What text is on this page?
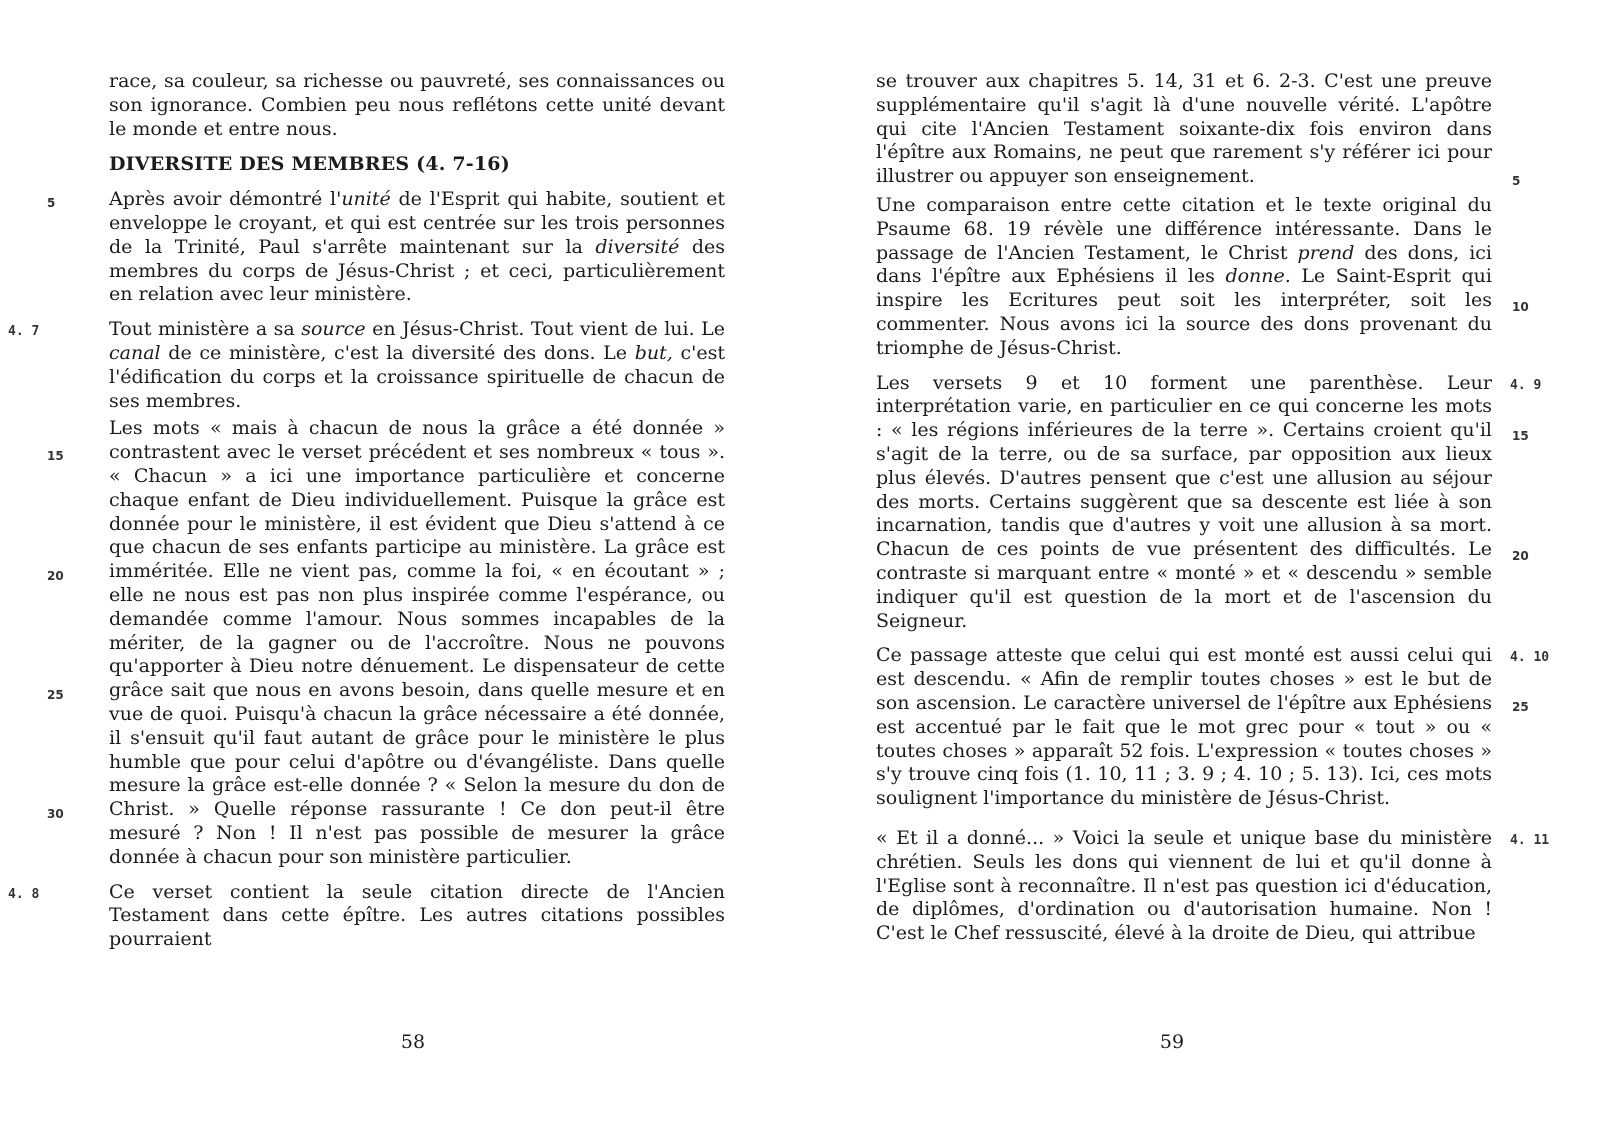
race, sa couleur, sa richesse ou pauvreté, ses connaissances ou son ignorance. Combien peu nous reflétons cette unité devant le monde et entre nous.

DIVERSITE DES MEMBRES (4. 7-16)

5	Après avoir démontré l'unité de l'Esprit qui habite, soutient et enveloppe le croyant, et qui est centrée sur les trois personnes de la Trinité, Paul s'arrête maintenant sur la diversité des membres du corps de Jésus-Christ ; et ceci, particulièrement en relation avec leur ministère.

4. 7	Tout ministère a sa source en Jésus-Christ. Tout vient de lui. Le canal de ce ministère, c'est la diversité des dons. Le but, c'est l'édification du corps et la croissance spirituelle de chacun de ses membres.

15
20
25
30
Les mots « mais à chacun de nous la grâce a été donnée » contrastent avec le verset précédent et ses nombreux « tous ». « Chacun » a ici une importance particulière et concerne chaque enfant de Dieu individuellement. Puisque la grâce est donnée pour le ministère, il est évident que Dieu s'attend à ce que chacun de ses enfants participe au ministère. La grâce est imméritée. Elle ne vient pas, comme la foi, « en écoutant » ; elle ne nous est pas non plus inspirée comme l'espérance, ou demandée comme l'amour. Nous sommes incapables de la mériter, de la gagner ou de l'accroître. Nous ne pouvons qu'apporter à Dieu notre dénuement. Le dispensateur de cette grâce sait que nous en avons besoin, dans quelle mesure et en vue de quoi. Puisqu'à chacun la grâce nécessaire a été donnée, il s'ensuit qu'il faut autant de grâce pour le ministère le plus humble que pour celui d'apôtre ou d'évangéliste. Dans quelle mesure la grâce est-elle donnée ? « Selon la mesure du don de Christ. » Quelle réponse rassurante ! Ce don peut-il être mesuré ? Non ! Il n'est pas possible de mesurer la grâce donnée à chacun pour son ministère particulier.

4. 8	Ce verset contient la seule citation directe de l'Ancien Testament dans cette épître. Les autres citations possibles pourraient

58

5
se trouver aux chapitres 5. 14, 31 et 6. 2-3. C'est une preuve supplémentaire qu'il s'agit là d'une nouvelle vérité. L'apôtre qui cite l'Ancien Testament soixante-dix fois environ dans l'épître aux Romains, ne peut que rarement s'y référer ici pour illustrer ou appuyer son enseignement.

10
Une comparaison entre cette citation et le texte original du Psaume 68. 19 révèle une différence intéressante. Dans le passage de l'Ancien Testament, le Christ prend des dons, ici dans l'épître aux Ephésiens il les donne. Le Saint-Esprit qui inspire les Ecritures peut soit les interpréter, soit les commenter. Nous avons ici la source des dons provenant du triomphe de Jésus-Christ.

4. 9
15
20
Les versets 9 et 10 forment une parenthèse. Leur interprétation varie, en particulier en ce qui concerne les mots : « les régions inférieures de la terre ». Certains croient qu'il s'agit de la terre, ou de sa surface, par opposition aux lieux plus élevés. D'autres pensent que c'est une allusion au séjour des morts. Certains suggèrent que sa descente est liée à son incarnation, tandis que d'autres y voit une allusion à sa mort. Chacun de ces points de vue présentent des difficultés. Le contraste si marquant entre « monté » et « descendu » semble indiquer qu'il est question de la mort et de l'ascension du Seigneur.

4. 10
25
Ce passage atteste que celui qui est monté est aussi celui qui est descendu. « Afin de remplir toutes choses » est le but de son ascension. Le caractère universel de l'épître aux Ephésiens est accentué par le fait que le mot grec pour « tout » ou « toutes choses » apparaît 52 fois. L'expression « toutes choses » s'y trouve cinq fois (1. 10, 11 ; 3. 9 ; 4. 10 ; 5. 13). Ici, ces mots soulignent l'importance du ministère de Jésus-Christ.

4. 11
« Et il a donné... » Voici la seule et unique base du ministère chrétien. Seuls les dons qui viennent de lui et qu'il donne à l'Eglise sont à reconnaître. Il n'est pas question ici d'éducation, de diplômes, d'ordination ou d'autorisation humaine. Non ! C'est le Chef ressuscité, élevé à la droite de Dieu, qui attribue

59
